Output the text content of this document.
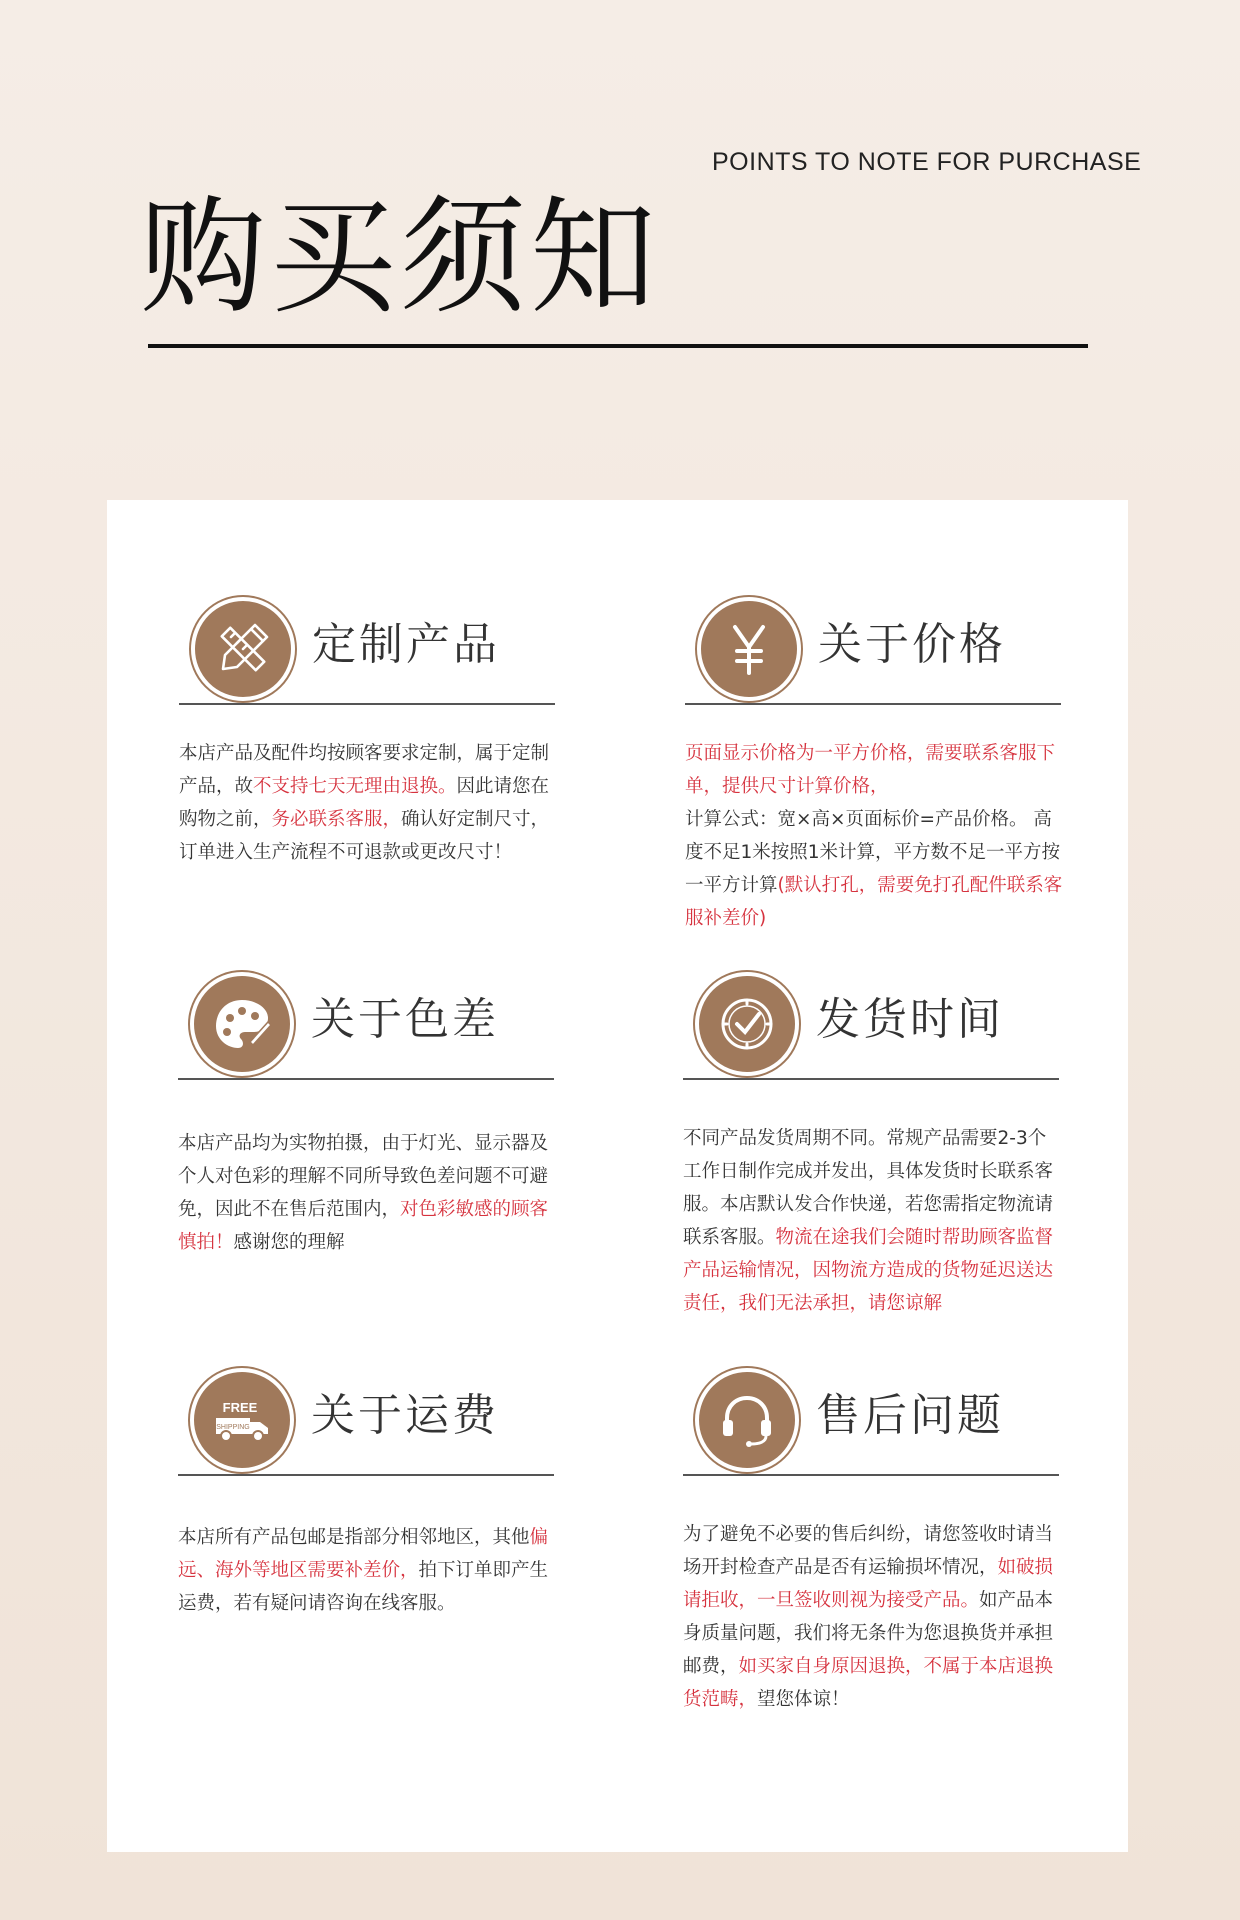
POINTS TO NOTE FOR PURCHASE
购买须知
定制产品
本店产品及配件均按顾客要求定制，属于定制产品，故不支持七天无理由退换。因此请您在购物之前，务必联系客服，确认好定制尺寸，订单进入生产流程不可退款或更改尺寸！
关于价格
页面显示价格为一平方价格，需要联系客服下单，提供尺寸计算价格，
计算公式：宽×高×页面标价=产品价格。 高度不足1米按照1米计算，平方数不足一平方按一平方计算(默认打孔，需要免打孔配件联系客服补差价)
关于色差
本店产品均为实物拍摄，由于灯光、显示器及个人对色彩的理解不同所导致色差问题不可避免，因此不在售后范围内，对色彩敏感的顾客慎拍！感谢您的理解
发货时间
不同产品发货周期不同。常规产品需要2-3个工作日制作完成并发出，具体发货时长联系客服。本店默认发合作快递，若您需指定物流请联系客服。物流在途我们会随时帮助顾客监督产品运输情况，因物流方造成的货物延迟送达责任，我们无法承担，请您谅解
FREE
SHIPPING 关于运费
本店所有产品包邮是指部分相邻地区，其他偏远、海外等地区需要补差价，拍下订单即产生运费，若有疑问请咨询在线客服。
售后问题
为了避免不必要的售后纠纷，请您签收时请当场开封检查产品是否有运输损坏情况，如破损请拒收，一旦签收则视为接受产品。如产品本身质量问题，我们将无条件为您退换货并承担邮费，如买家自身原因退换，不属于本店退换货范畴，望您体谅！
